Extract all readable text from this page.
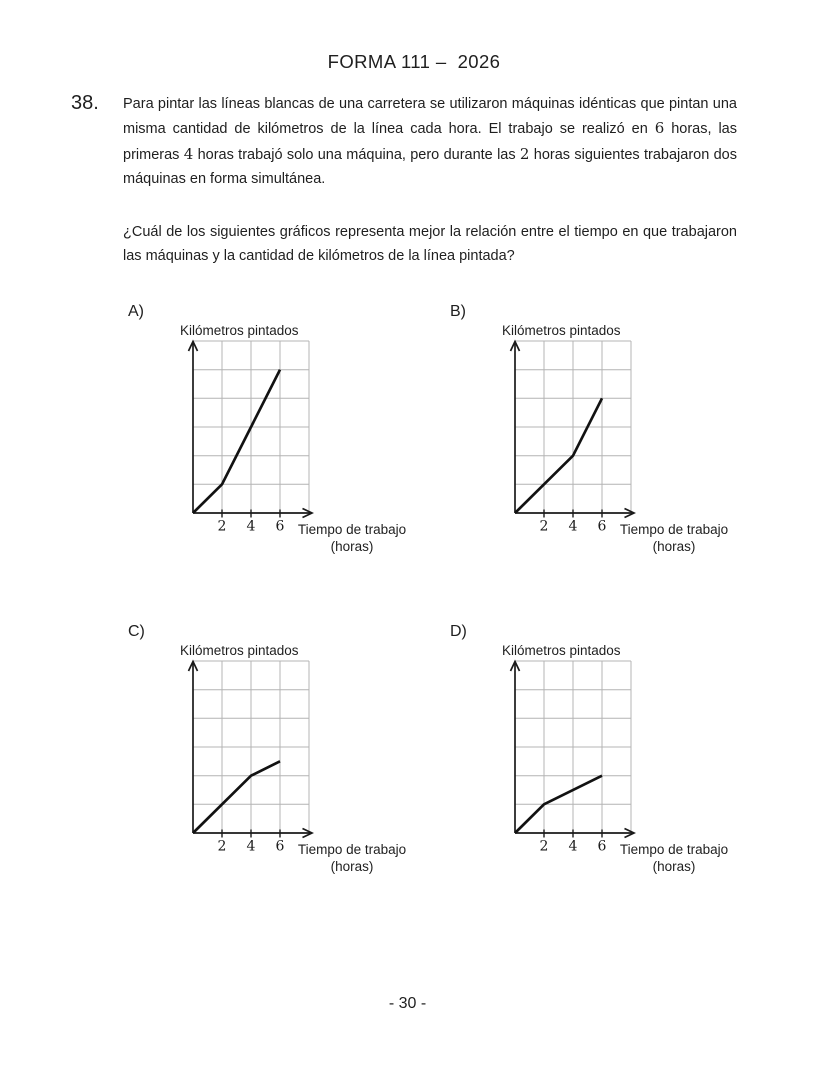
FORMA 111 –  2026
38. Para pintar las líneas blancas de una carretera se utilizaron máquinas idénticas que pintan una misma cantidad de kilómetros de la línea cada hora. El trabajo se realizó en 6 horas, las primeras 4 horas trabajó solo una máquina, pero durante las 2 horas siguientes trabajaron dos máquinas en forma simultánea.
¿Cuál de los siguientes gráficos representa mejor la relación entre el tiempo en que trabajaron las máquinas y la cantidad de kilómetros de la línea pintada?
A)
Kilómetros pintados
2 4 6 Tiempo de trabajo
(horas)
B)
Kilómetros pintados
2 4 6 Tiempo de trabajo
(horas)
C)
Kilómetros pintados
2 4 6 Tiempo de trabajo
(horas)
D)
Kilómetros pintados
2 4 6 Tiempo de trabajo
(horas)
- 30 -
